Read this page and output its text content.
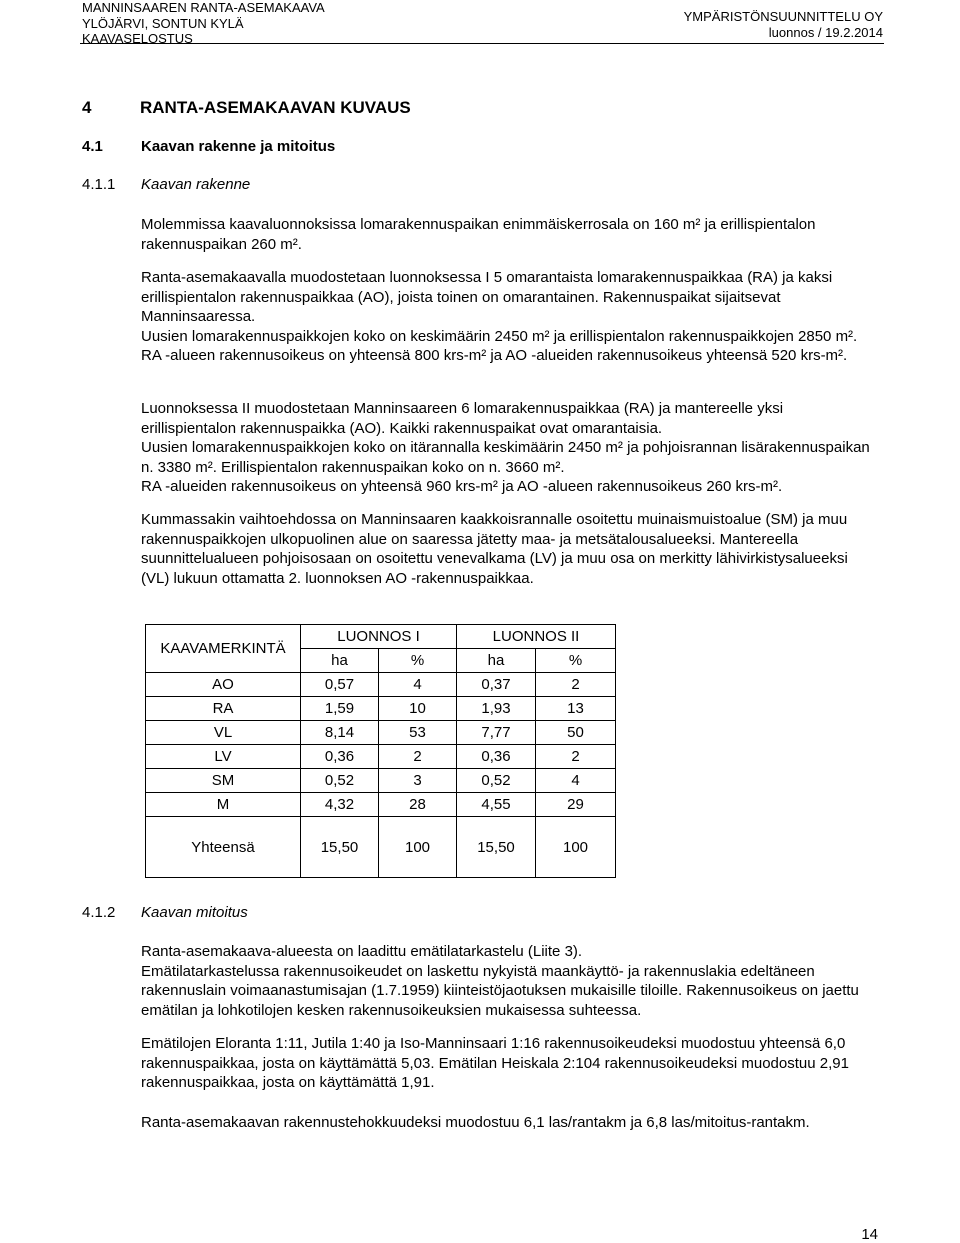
MANNINSAAREN RANTA-ASEMAKAAVA
YLÖJÄRVI, SONTUN KYLÄ
KAAVASELOSTUS
YMPÄRISTÖNSUUNNITTELU OY
luonnos / 19.2.2014
4	RANTA-ASEMAKAAVAN KUVAUS
4.1	Kaavan rakenne ja mitoitus
4.1.1 Kaavan rakenne

Molemmissa kaavaluonnoksissa lomarakennuspaikan enimmäiskerrosala on 160 m² ja erillispientalon rakennuspaikan 260 m².

Ranta-asemakaavalla muodostetaan luonnoksessa I 5 omarantaista lomarakennuspaikkaa (RA) ja kaksi erillispientalon rakennuspaikkaa (AO), joista toinen on omarantainen. Rakennuspaikat sijaitsevat Manninsaaressa.

Uusien lomarakennuspaikkojen koko on keskimäärin 2450 m² ja erillispientalon rakennuspaikkojen 2850 m². RA -alueen rakennusoikeus on yhteensä 800 krs-m² ja AO -alueiden rakennusoikeus yhteensä 520 krs-m².

Luonnoksessa II muodostetaan Manninsaareen 6 lomarakennuspaikkaa (RA) ja mantereelle yksi erillispientalon rakennuspaikka (AO). Kaikki rakennuspaikat ovat omarantaisia.

Uusien lomarakennuspaikkojen koko on itärannalla keskimäärin 2450 m² ja pohjoisrannan lisärakennuspaikan n. 3380 m². Erillispientalon rakennuspaikan koko on n. 3660 m².

RA -alueiden rakennusoikeus on yhteensä 960 krs-m² ja AO -alueen rakennusoikeus 260 krs-m².

Kummassakin vaihtoehdossa on Manninsaaren kaakkoisrannalle osoitettu muinaismuistoalue (SM) ja muu rakennuspaikkojen ulkopuolinen alue on saaressa jätetty maa- ja metsätalousalueeksi. Mantereella suunnittelualueen pohjoisosaan on osoitettu venevalkama (LV) ja muu osa on merkitty lähivirkistysalueeksi (VL) lukuun ottamatta 2. luonnoksen AO -rakennuspaikkaa.

KAAVAMERKINTÄ	LUONNOS I		LUONNOS II	
	ha	%	ha	%
AO	0,57	4	0,37	2
RA	1,59	10	1,93	13
VL	8,14	53	7,77	50
LV	0,36	2	0,36	2
SM	0,52	3	0,52	4
M	4,32	28	4,55	29
Yhteensä	15,50	100	15,50	100
4.1.2 Kaavan mitoitus

Ranta-asemakaava-alueesta on laadittu emätilatarkastelu (Liite 3).

Emätilatarkastelussa rakennusoikeudet on laskettu nykyistä maankäyttö- ja rakennuslakia edeltäneen rakennuslain voimaanastumisajan (1.7.1959) kiinteistöjaotuksen mukaisille tiloille. Rakennusoikeus on jaettu emätilan ja lohkotilojen kesken rakennusoikeuksien mukaisessa suhteessa.

Emätilojen Eloranta 1:11, Jutila 1:40 ja Iso-Manninsaari 1:16 rakennusoikeudeksi muodostuu yhteensä 6,0 rakennuspaikkaa, josta on käyttämättä 5,03. Emätilan Heiskala 2:104 rakennusoikeudeksi muodostuu 2,91 rakennuspaikkaa, josta on käyttämättä 1,91.

Ranta-asemakaavan rakennustehokkuudeksi muodostuu 6,1 las/rantakm ja 6,8 las/mitoitus-rantakm.

14
